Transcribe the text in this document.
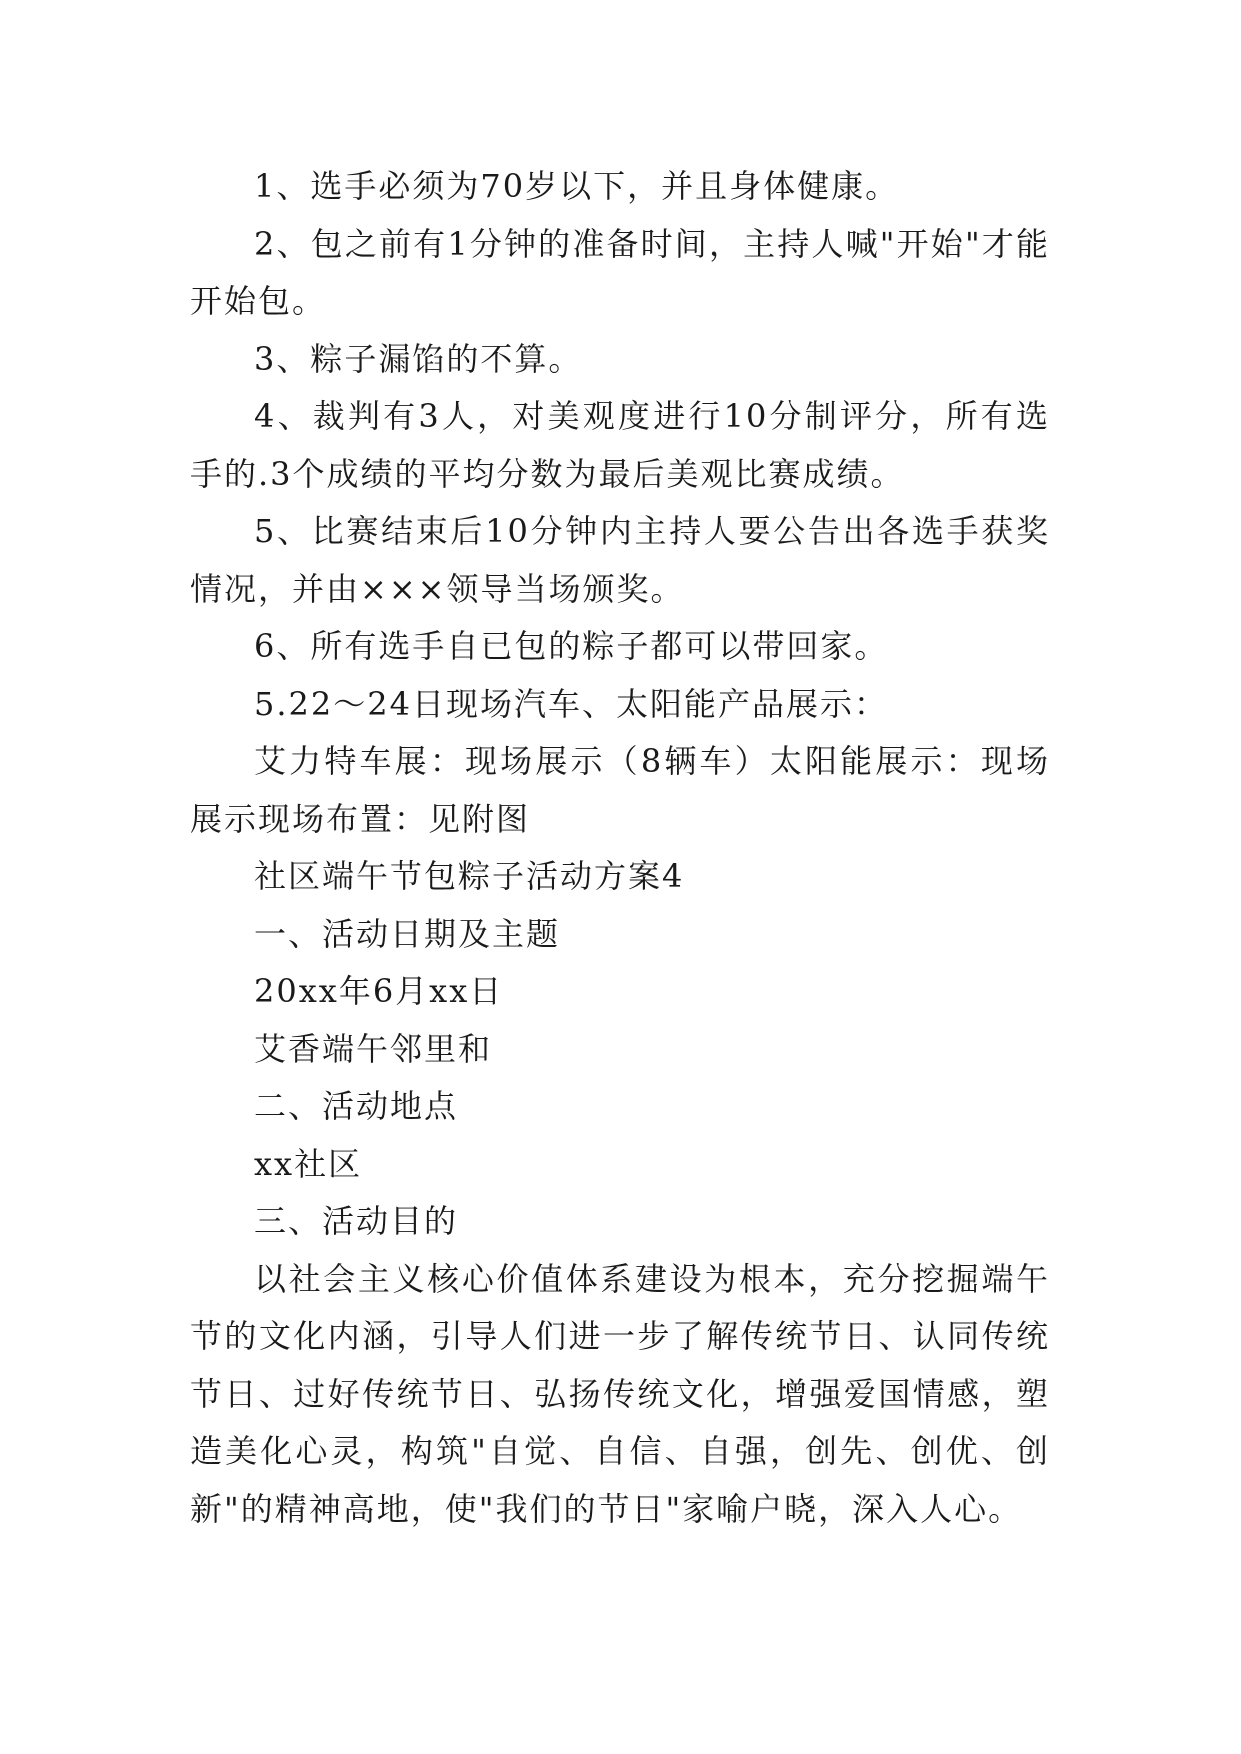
1、选手必须为70岁以下，并且身体健康。

2、包之前有1分钟的准备时间，主持人喊"开始"才能开始包。

3、粽子漏馅的不算。

4、裁判有3人，对美观度进行10分制评分，所有选手的.3个成绩的平均分数为最后美观比赛成绩。

5、比赛结束后10分钟内主持人要公告出各选手获奖情况，并由×××领导当场颁奖。

6、所有选手自已包的粽子都可以带回家。

5.22～24日现场汽车、太阳能产品展示：

艾力特车展：现场展示（8辆车）太阳能展示：现场展示现场布置：见附图

社区端午节包粽子活动方案4

一、活动日期及主题

20xx年6月xx日

艾香端午邻里和

二、活动地点

xx社区

三、活动目的

以社会主义核心价值体系建设为根本，充分挖掘端午节的文化内涵，引导人们进一步了解传统节日、认同传统节日、过好传统节日、弘扬传统文化，增强爱国情感，塑造美化心灵，构筑"自觉、自信、自强，创先、创优、创新"的精神高地，使"我们的节日"家喻户晓，深入人心。
